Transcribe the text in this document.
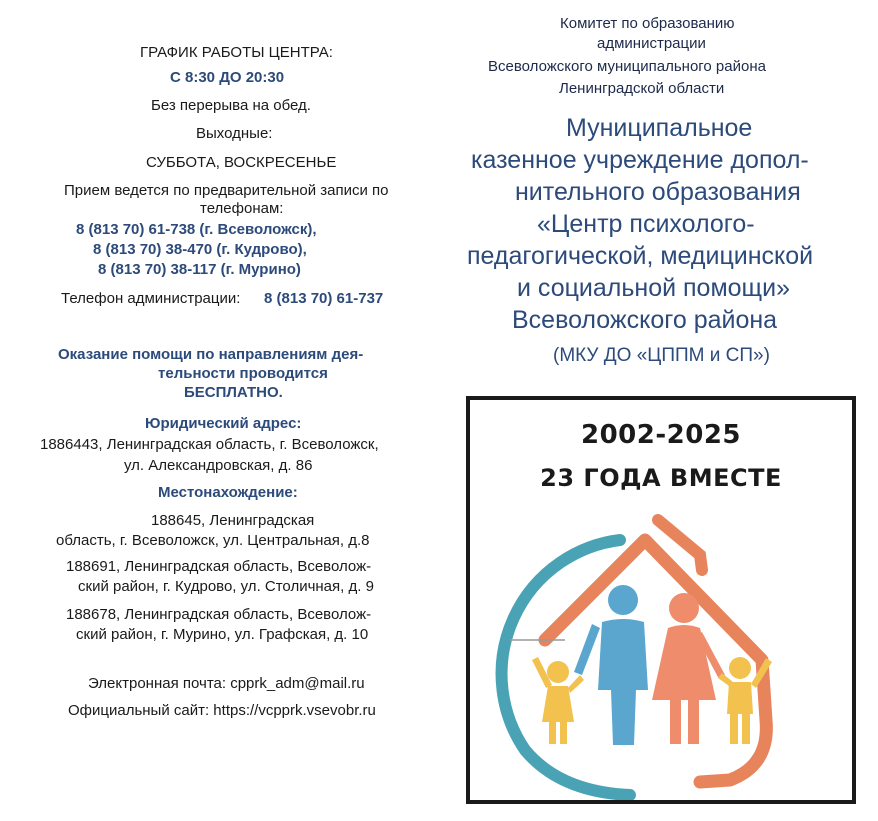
ГРАФИК РАБОТЫ ЦЕНТРА:
С 8:30 ДО 20:30
Без перерыва на обед.
Выходные:
СУББОТА, ВОСКРЕСЕНЬЕ
Прием ведется по предварительной записи по
телефонам:
8 (813 70) 61-738 (г. Всеволожск),
8 (813 70) 38-470 (г. Кудрово),
8 (813 70) 38-117 (г. Мурино)
Телефон администрации: 8 (813 70) 61-737
Оказание помощи по направлениям дея-
тельности проводится
БЕСПЛАТНО.
Юридический адрес:
1886443, Ленинградская область, г. Всеволожск,
ул. Александровская, д. 86
Местонахождение:
188645, Ленинградская
область, г. Всеволожск, ул. Центральная, д.8
188691, Ленинградская область, Всеволож-
ский район, г. Кудрово, ул. Столичная, д. 9
188678, Ленинградская область, Всеволож-
ский район, г. Мурино, ул. Графская, д. 10
Электронная почта: cpprk_adm@mail.ru
Официальный сайт: https://vcpprk.vsevobr.ru
Комитет по образованию
администрации
Всеволожского муниципального района
Ленинградской области
Муниципальное
казенное учреждение допол-
нительного образования
«Центр психолого-
педагогической, медицинской
и социальной помощи»
Всеволожского района
(МКУ ДО «ЦППМ и СП»)
2002-2025
23 ГОДА ВМЕСТЕ
